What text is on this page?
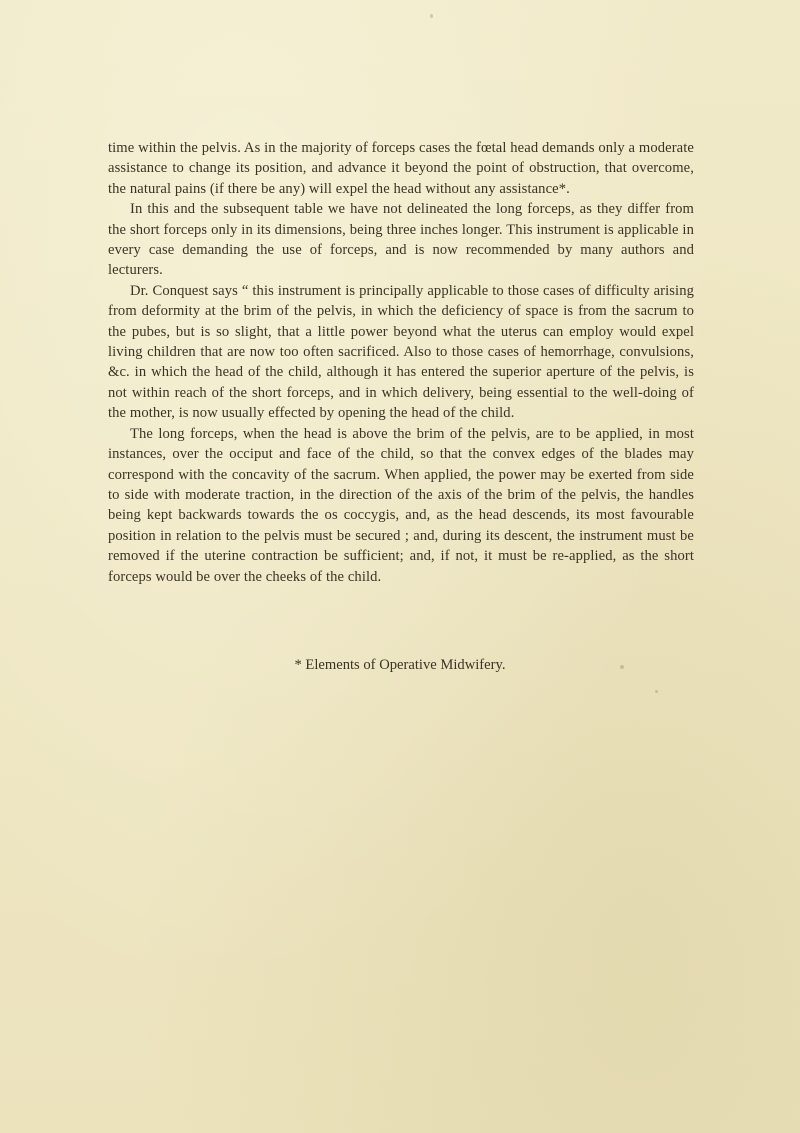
time within the pelvis. As in the majority of forceps cases the fœtal head demands only a moderate assistance to change its position, and advance it beyond the point of obstruction, that overcome, the natural pains (if there be any) will expel the head without any assistance*.

In this and the subsequent table we have not delineated the long forceps, as they differ from the short forceps only in its dimensions, being three inches longer. This instrument is applicable in every case demanding the use of forceps, and is now recommended by many authors and lecturers.

Dr. Conquest says “ this instrument is principally applicable to those cases of difficulty arising from deformity at the brim of the pelvis, in which the deficiency of space is from the sacrum to the pubes, but is so slight, that a little power beyond what the uterus can employ would expel living children that are now too often sacrificed. Also to those cases of hemorrhage, convulsions, &c. in which the head of the child, although it has entered the superior aperture of the pelvis, is not within reach of the short forceps, and in which delivery, being essential to the well-doing of the mother, is now usually effected by opening the head of the child.

The long forceps, when the head is above the brim of the pelvis, are to be applied, in most instances, over the occiput and face of the child, so that the convex edges of the blades may correspond with the concavity of the sacrum. When applied, the power may be exerted from side to side with moderate traction, in the direction of the axis of the brim of the pelvis, the handles being kept backwards towards the os coccygis, and, as the head descends, its most favourable position in relation to the pelvis must be secured ; and, during its descent, the instrument must be removed if the uterine contraction be sufficient; and, if not, it must be re-applied, as the short forceps would be over the cheeks of the child.

* Elements of Operative Midwifery.
